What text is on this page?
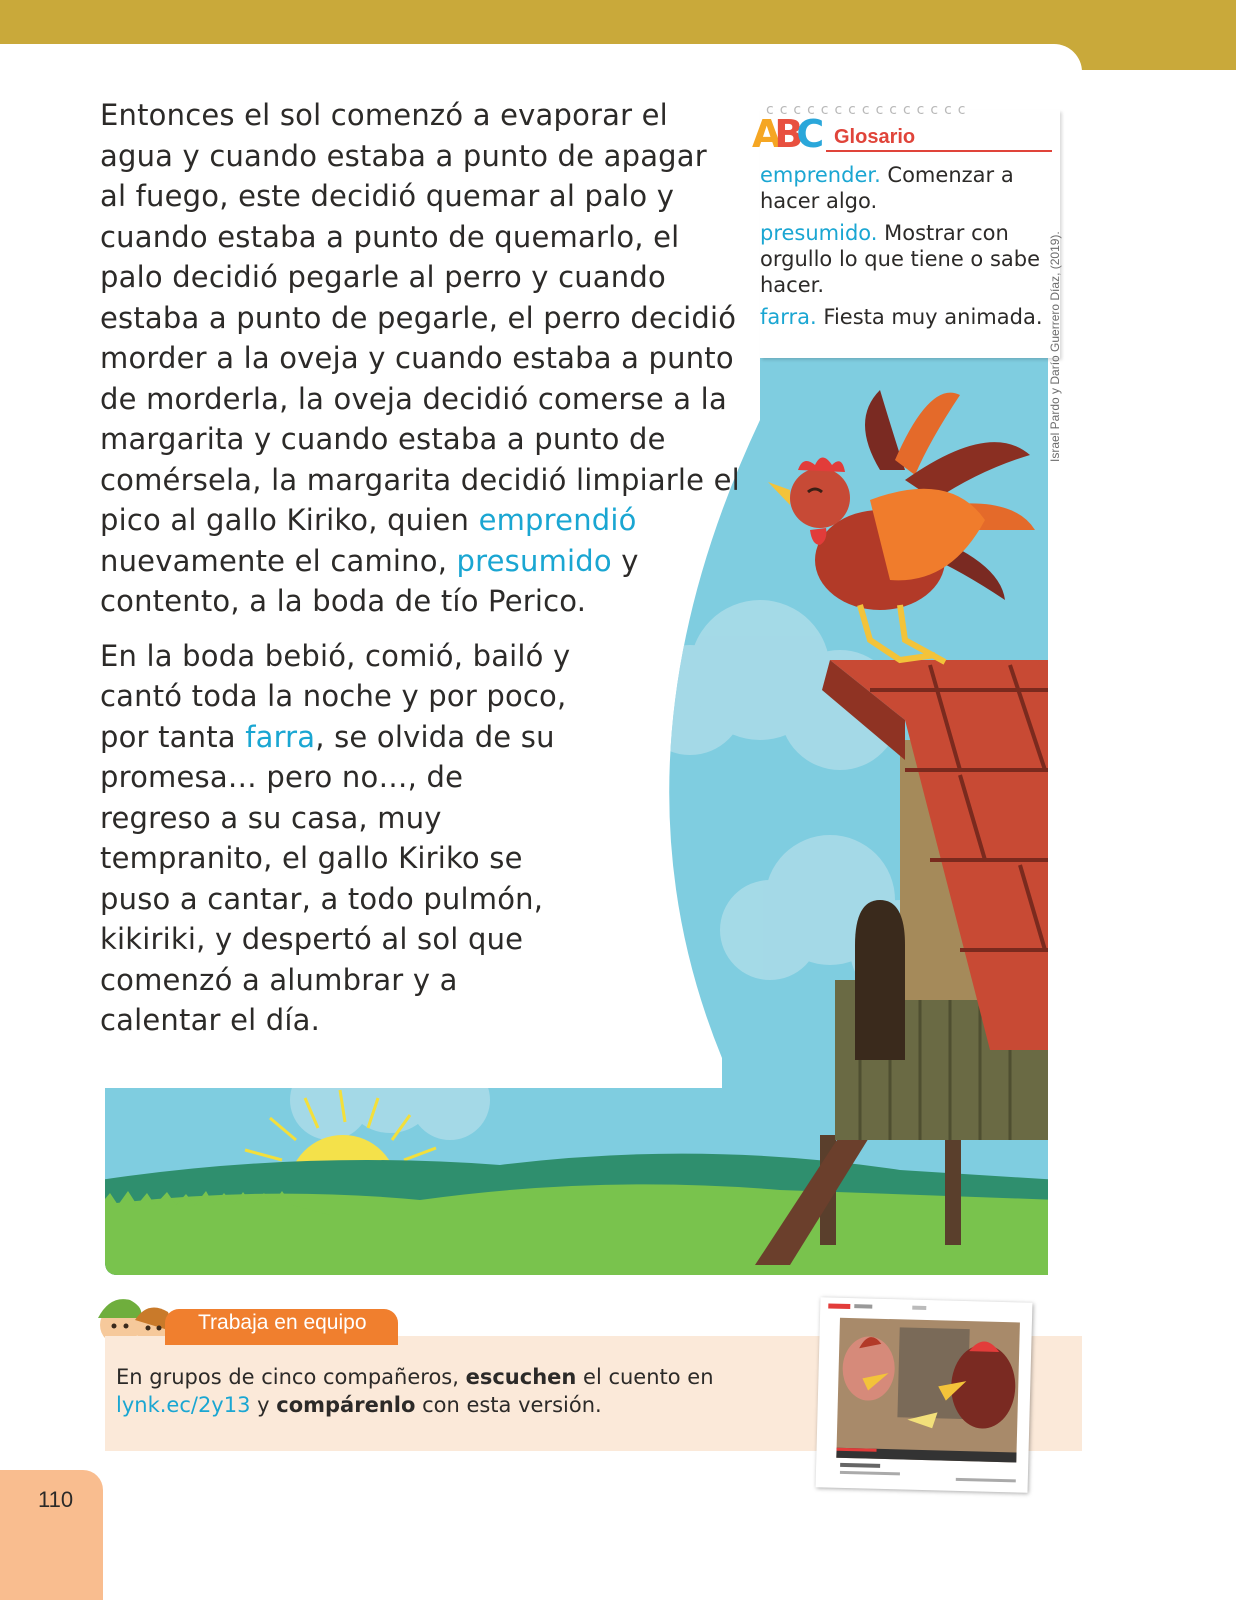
Entonces el sol comenzó a evaporar el agua y cuando estaba a punto de apagar al fuego, este decidió quemar al palo y cuando estaba a punto de quemarlo, el palo decidió pegarle al perro y cuando estaba a punto de pegarle, el perro decidió morder a la oveja y cuando estaba a punto de morderla, la oveja decidió comerse a la margarita y cuando estaba a punto de comérsela, la margarita decidió limpiarle el pico al gallo Kiriko, quien emprendió nuevamente el camino, presumido y contento, a la boda de tío Perico.

En la boda bebió, comió, bailó y cantó toda la noche y por poco, por tanta farra, se olvida de su promesa… pero no…, de regreso a su casa, muy tempranito, el gallo Kiriko se puso a cantar, a todo pulmón, kikiriki, y despertó al sol que comenzó a alumbrar y a calentar el día.

ccccccccccccccc
ABC Glosario

emprender. Comenzar a hacer algo.

presumido. Mostrar con orgullo lo que tiene o sabe hacer.

farra. Fiesta muy animada. Israel Pardo y Darío Guerrero Díaz, (2019).
Trabaja en equipo
En grupos de cinco compañeros, escuchen el cuento en lynk.ec/2y13 y compárenlo con esta versión.
110
